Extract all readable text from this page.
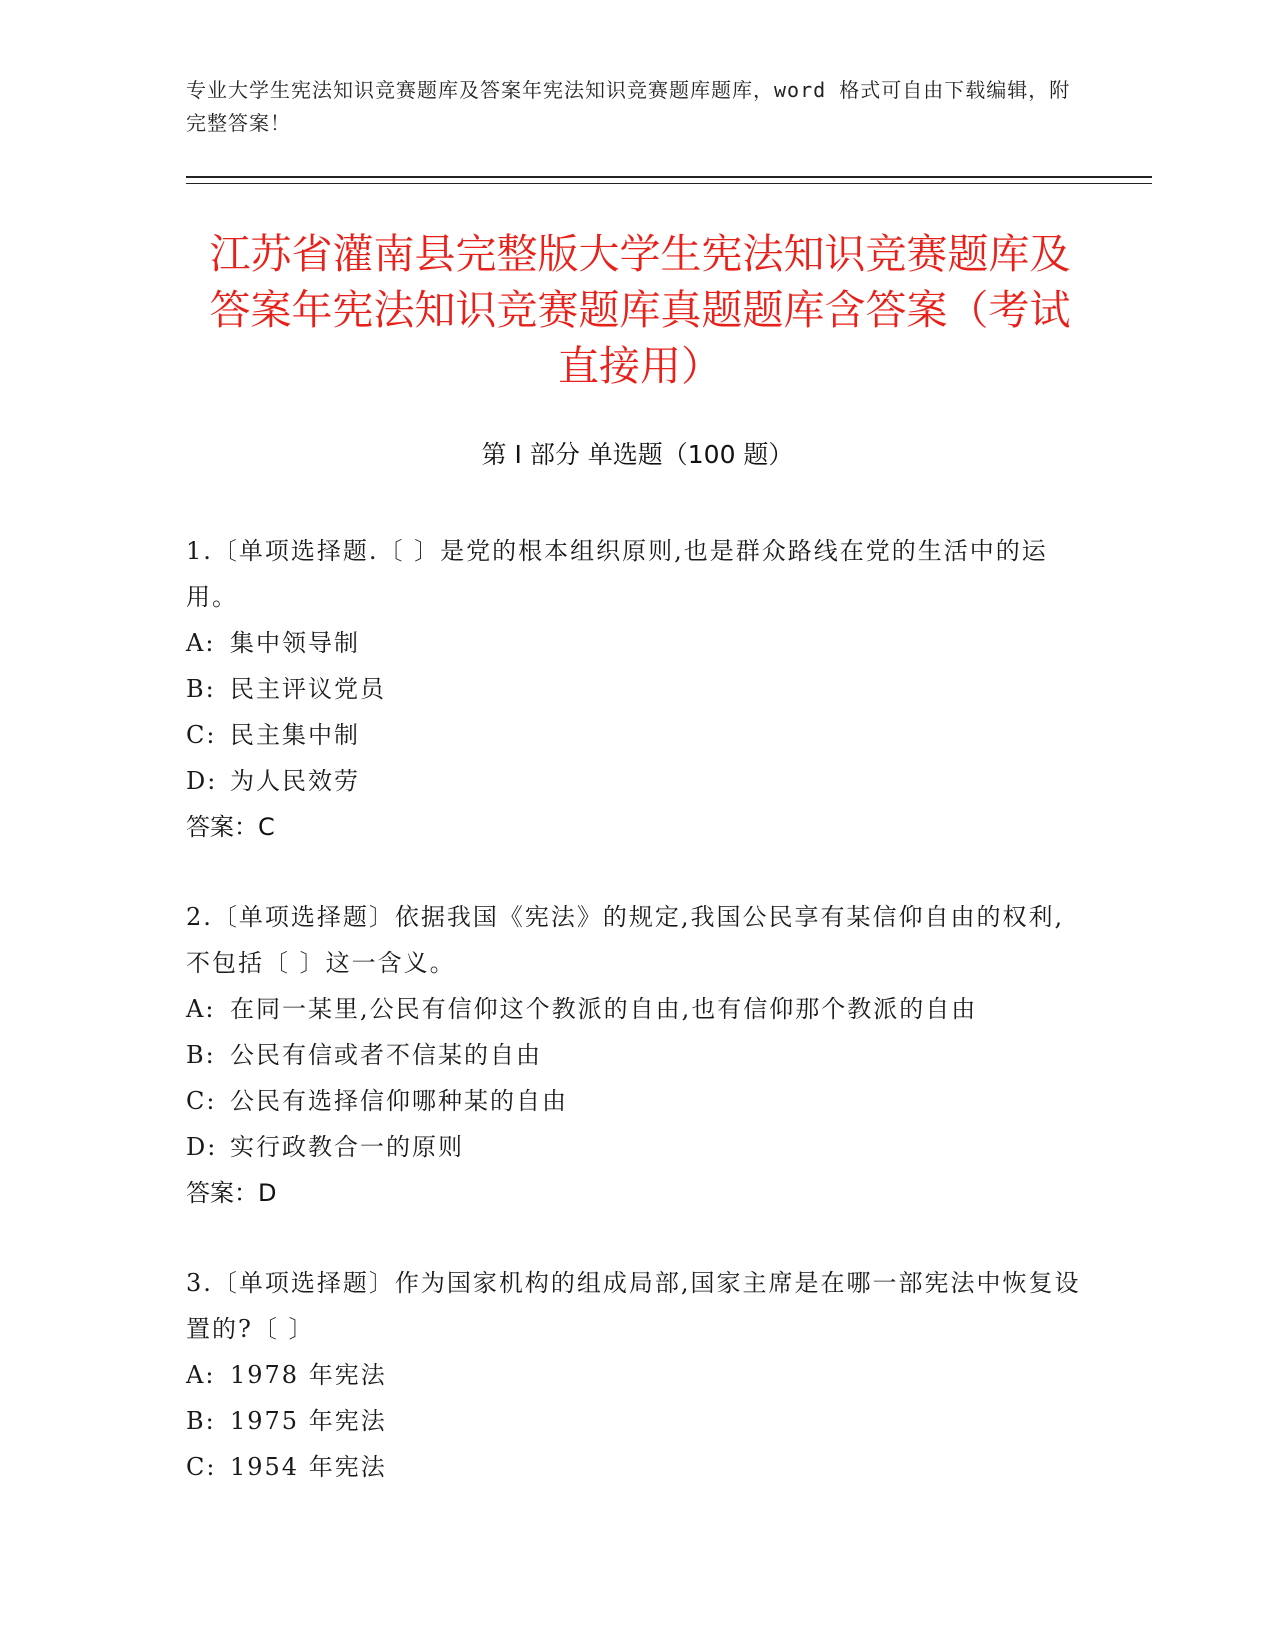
专业大学生宪法知识竞赛题库及答案年宪法知识竞赛题库题库，word 格式可自由下载编辑，附完整答案！
江苏省灌南县完整版大学生宪法知识竞赛题库及答案年宪法知识竞赛题库真题题库含答案（考试直接用）
第 I 部分 单选题（100 题）
1.〔单项选择题.〔 〕是党的根本组织原则,也是群众路线在党的生活中的运用。
A: 集中领导制
B: 民主评议党员
C: 民主集中制
D: 为人民效劳
答案：C
2.〔单项选择题〕依据我国《宪法》的规定,我国公民享有某信仰自由的权利,不包括〔 〕这一含义。
A: 在同一某里,公民有信仰这个教派的自由,也有信仰那个教派的自由
B: 公民有信或者不信某的自由
C: 公民有选择信仰哪种某的自由
D: 实行政教合一的原则
答案：D
3.〔单项选择题〕作为国家机构的组成局部,国家主席是在哪一部宪法中恢复设置的?〔 〕
A: 1978 年宪法
B: 1975 年宪法
C: 1954 年宪法
